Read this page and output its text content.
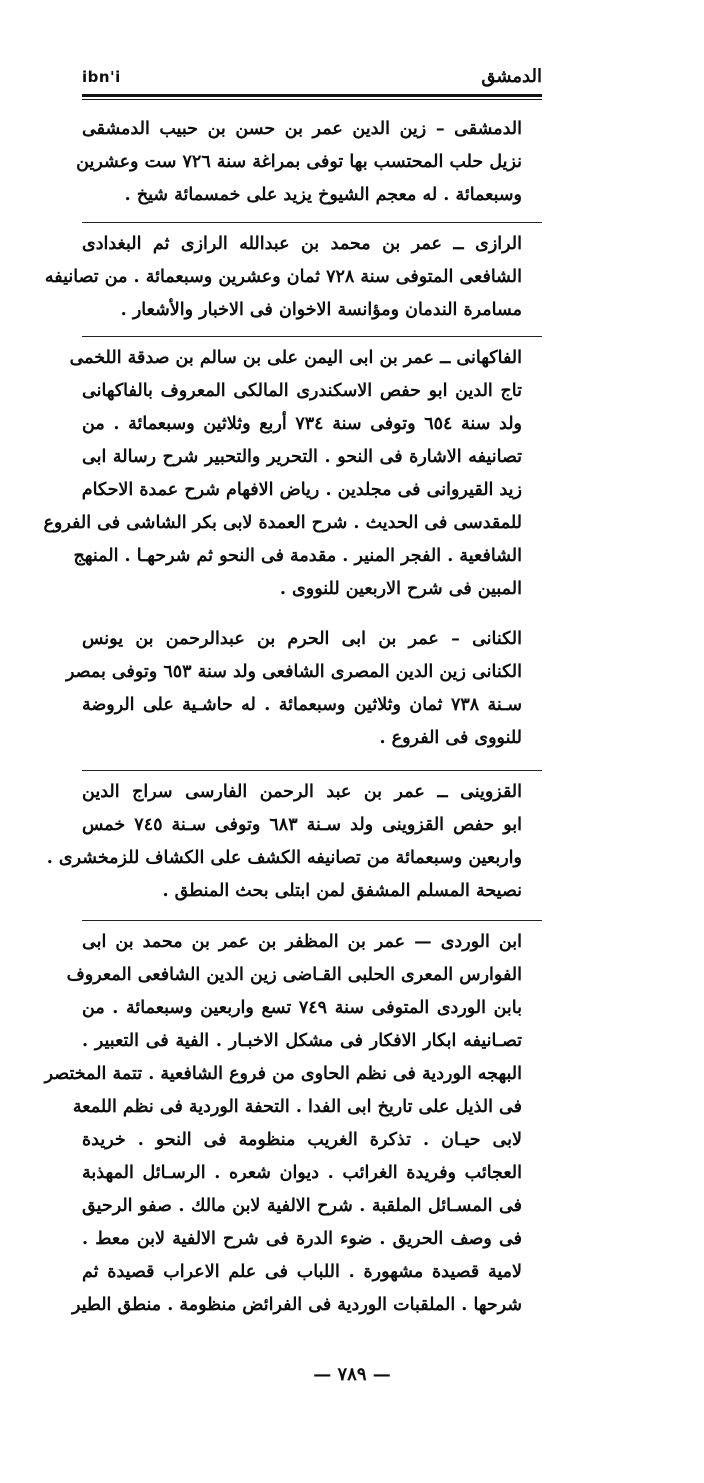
ibn'i	الدمشق
الدمشقى – زين الدين عمر بن حسن بن حبيب الدمشقى
نزيل حلب المحتسب بها توفى بمراغة سنة ٧٢٦ ست وعشرين
وسبعمائة . له معجم الشيوخ يزيد على خمسمائة شيخ .
الرازى ــ عمر بن محمد بن عبدالله الرازى ثم البغدادى
الشافعى المتوفى سنة ٧٢٨ ثمان وعشرين وسبعمائة . من تصانيفه
مسامرة الندمان ومؤانسة الاخوان فى الاخبار والأشعار .
الفاكهانى ــ عمر بن ابى اليمن على بن سالم بن صدقة اللخمى
تاج الدين ابو حفص الاسكندرى المالكى المعروف بالفاكهانى
ولد سنة ٦٥٤ وتوفى سنة ٧٣٤ أربع وثلاثين وسبعمائة . من
تصانيفه الاشارة فى النحو . التحرير والتحبير شرح رسالة ابى
زيد القيروانى فى مجلدين . رياض الافهام شرح عمدة الاحكام
للمقدسى فى الحديث . شرح العمدة لابى بكر الشاشى فى الفروع
الشافعية . الفجر المنير . مقدمة فى النحو ثم شرحهـا . المنهج
المبين فى شرح الاربعين للنووى .
الكنانى – عمر بن ابى الحرم بن عبدالرحمن بن يونس
الكنانى زين الدين المصرى الشافعى ولد سنة ٦٥٣ وتوفى بمصر
سـنة ٧٣٨ ثمان وثلاثين وسبعمائة . له حاشـية على الروضة
للنووى فى الفروع .
القزوينى ــ عمر بن عبد الرحمن الفارسى سراج الدين
ابو حفص القزوينى ولد سـنة ٦٨٣ وتوفى سـنة ٧٤٥ خمس
واربعين وسبعمائة من تصانيفه الكشف على الكشاف للزمخشرى .
نصيحة المسلم المشفق لمن ابتلى بحث المنطق .
ابن الوردى — عمر بن المظفر بن عمر بن محمد بن ابى
الفوارس المعرى الحلبى القـاضى زين الدين الشافعى المعروف
بابن الوردى المتوفى سنة ٧٤٩ تسع واربعين وسبعمائة . من
تصـانيفه ابكار الافكار فى مشكل الاخبـار . الفية فى التعبير .
البهجه الوردية فى نظم الحاوى من فروع الشافعية . تتمة المختصر
فى الذيل على تاريخ ابى الفدا . التحفة الوردية فى نظم اللمعة
لابى حيـان . تذكرة الغريب منظومة فى النحو . خريدة
العجائب وفريدة الغرائب . ديوان شعره . الرسـائل المهذبة
فى المسـائل الملقبة . شرح الالفية لابن مالك . صفو الرحيق
فى وصف الحريق . ضوء الدرة فى شرح الالفية لابن معط .
لامية قصيدة مشهورة . اللباب فى علم الاعراب قصيدة ثم
شرحها . الملقبات الوردية فى الفرائض منظومة . منطق الطير
— ٧٨٩ —
